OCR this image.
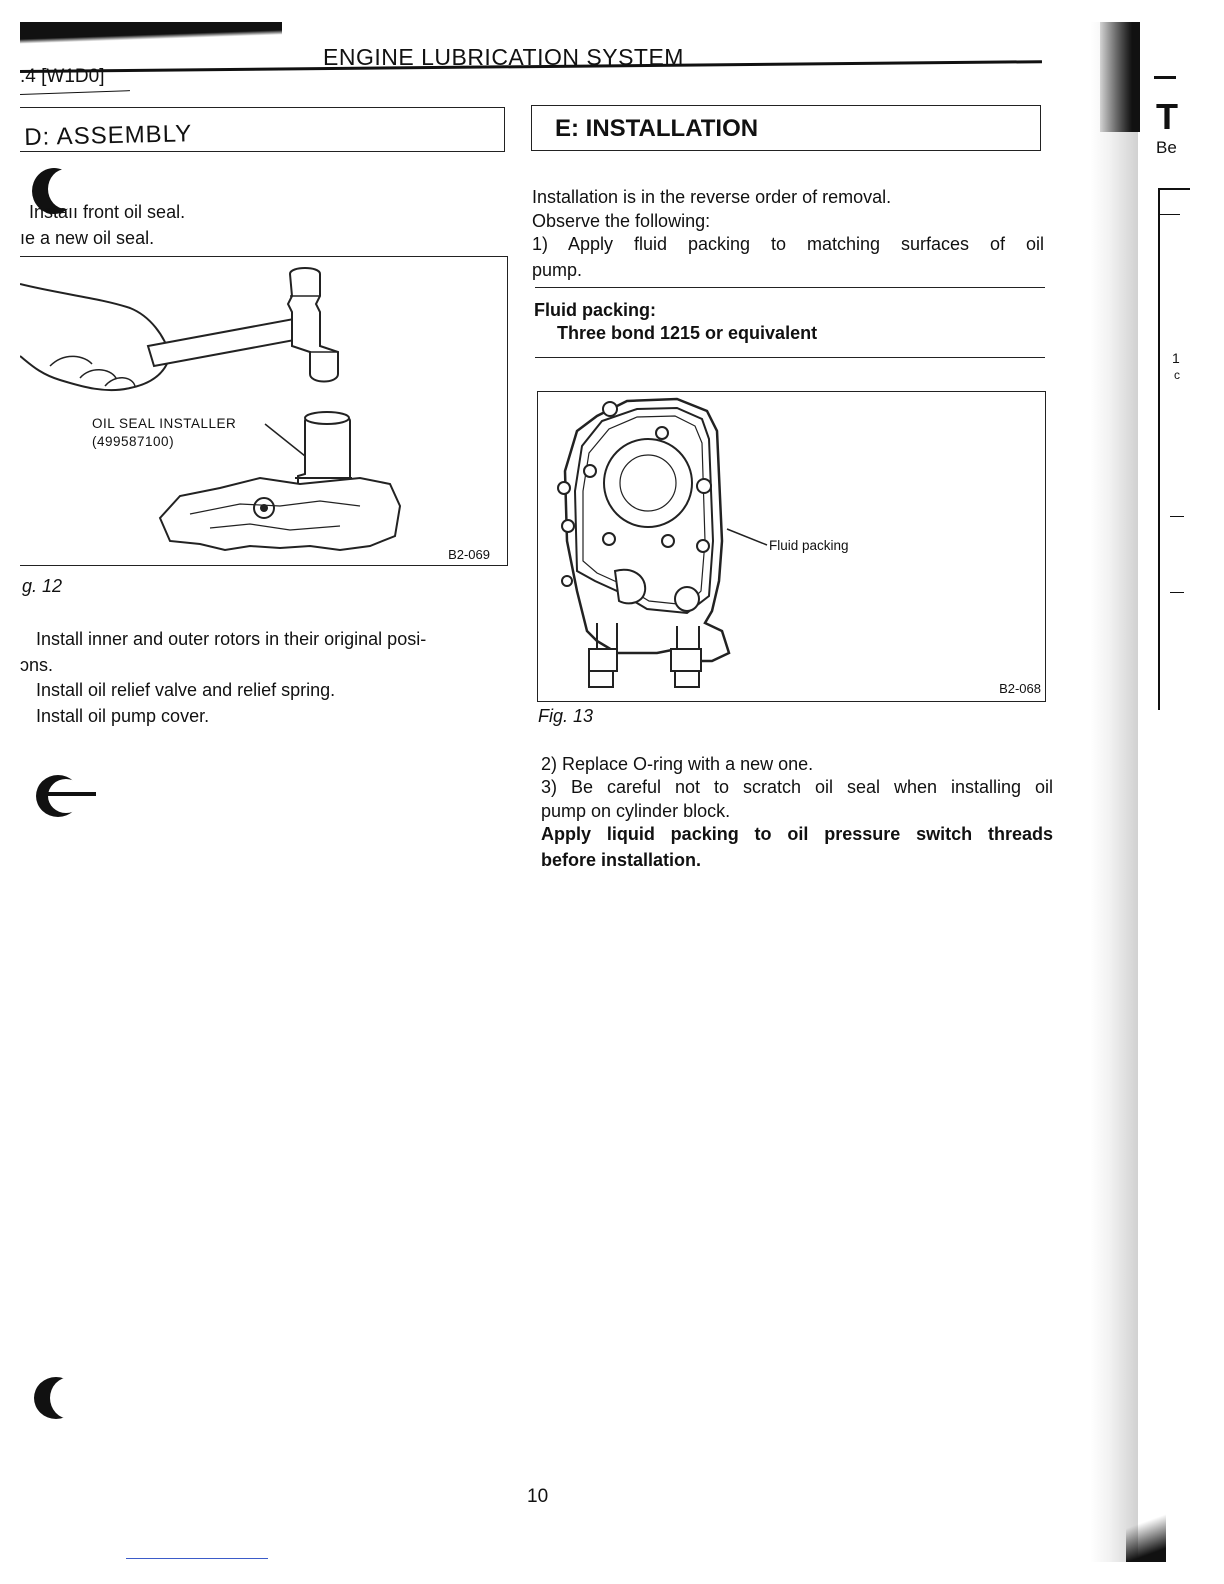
.4 [W1D0]
ENGINE LUBRICATION SYSTEM
D: ASSEMBLY
Instaıı front oil seal.
ıe a new oil seal.
B2-069
OIL SEAL INSTALLER
(499587100)
g. 12
Install inner and outer rotors in their original posi-
ɔns.
Install oil relief valve and relief spring.
Install oil pump cover.
E: INSTALLATION
Installation is in the reverse order of removal.
Observe the following:
1) Apply fluid packing to matching surfaces of oil
pump.
Fluid packing:
Three bond 1215 or equivalent
Fluid packing
B2-068
Fig. 13
2) Replace O-ring with a new one.
3) Be careful not to scratch oil seal when installing oil
pump on cylinder block.
Apply liquid packing to oil pressure switch threads
before installation.
10
T
Be
1
c
